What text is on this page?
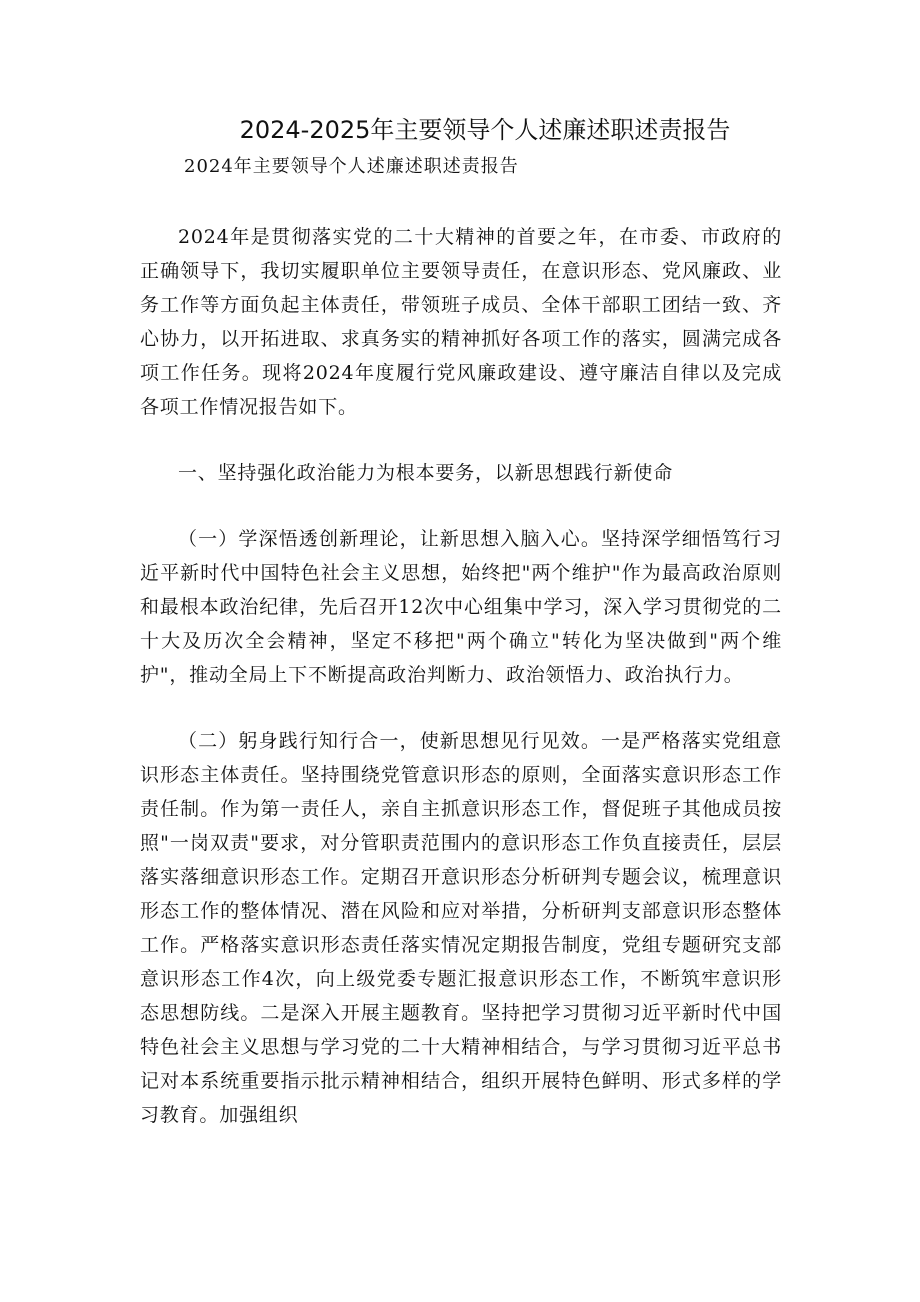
2024-2025年主要领导个人述廉述职述责报告
2024年主要领导个人述廉述职述责报告

2024年是贯彻落实党的二十大精神的首要之年，在市委、市政府的正确领导下，我切实履职单位主要领导责任，在意识形态、党风廉政、业务工作等方面负起主体责任，带领班子成员、全体干部职工团结一致、齐心协力，以开拓进取、求真务实的精神抓好各项工作的落实，圆满完成各项工作任务。现将2024年度履行党风廉政建设、遵守廉洁自律以及完成各项工作情况报告如下。

一、坚持强化政治能力为根本要务，以新思想践行新使命

（一）学深悟透创新理论，让新思想入脑入心。坚持深学细悟笃行习近平新时代中国特色社会主义思想，始终把"两个维护"作为最高政治原则和最根本政治纪律，先后召开12次中心组集中学习，深入学习贯彻党的二十大及历次全会精神，坚定不移把"两个确立"转化为坚决做到"两个维护"，推动全局上下不断提高政治判断力、政治领悟力、政治执行力。

（二）躬身践行知行合一，使新思想见行见效。一是严格落实党组意识形态主体责任。坚持围绕党管意识形态的原则，全面落实意识形态工作责任制。作为第一责任人，亲自主抓意识形态工作，督促班子其他成员按照"一岗双责"要求，对分管职责范围内的意识形态工作负直接责任，层层落实落细意识形态工作。定期召开意识形态分析研判专题会议，梳理意识形态工作的整体情况、潜在风险和应对举措，分析研判支部意识形态整体工作。严格落实意识形态责任落实情况定期报告制度，党组专题研究支部意识形态工作4次，向上级党委专题汇报意识形态工作，不断筑牢意识形态思想防线。二是深入开展主题教育。坚持把学习贯彻习近平新时代中国特色社会主义思想与学习党的二十大精神相结合，与学习贯彻习近平总书记对本系统重要指示批示精神相结合，组织开展特色鲜明、形式多样的学习教育。加强组织
